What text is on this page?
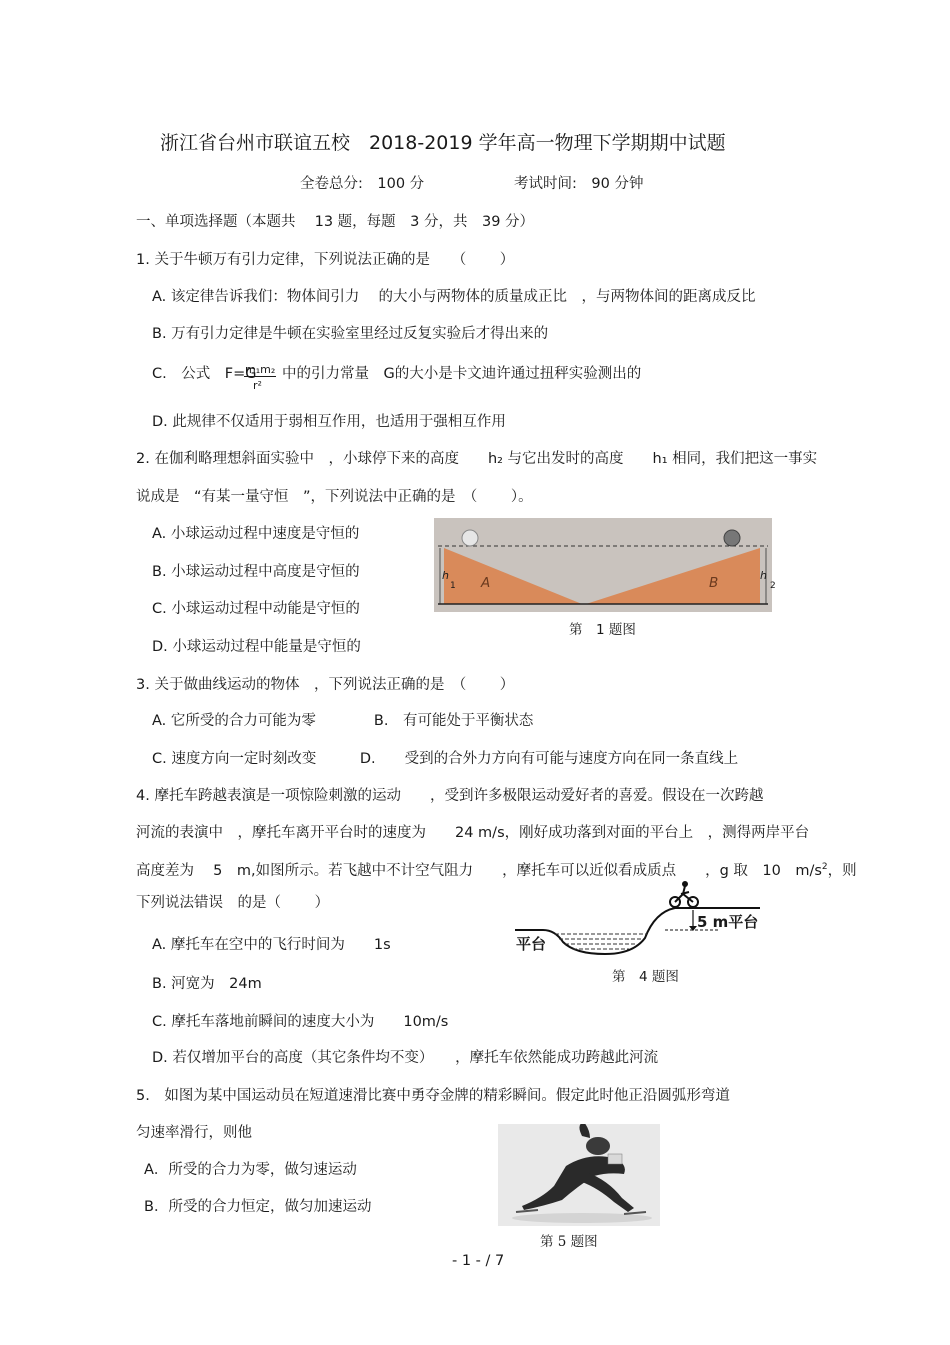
浙江省台州市联谊五校　2018-2019 学年高一物理下学期期中试题
全卷总分:　100 分	考试时间:　90 分钟
一、单项选择题（本题共　 13 题，每题　3 分，共　39 分）
1. 关于牛顿万有引力定律，下列说法正确的是　　（　　 ）
A. 该定律告诉我们：物体间引力　 的大小与两物体的质量成正比　，与两物体间的距离成反比
B. 万有引力定律是牛顿在实验室里经过反复实验后才得出来的
C.　公式　F=G
m₁m₂
r²
中的引力常量　G的大小是卡文迪许通过扭秤实验测出的
D. 此规律不仅适用于弱相互作用，也适用于强相互作用
2. 在伽利略理想斜面实验中　，小球停下来的高度　　h₂ 与它出发时的高度　　h₁ 相同，我们把这一事实
说成是　“有某一量守恒　”，下列说法中正确的是　（　　 ）。
A. 小球运动过程中速度是守恒的
B. 小球运动过程中高度是守恒的
C. 小球运动过程中动能是守恒的
D. 小球运动过程中能量是守恒的
A	B
h	h
1	2
第　1 题图
3. 关于做曲线运动的物体　，下列说法正确的是　（　　 ）
A. 它所受的合力可能为零　　　　B.　有可能处于平衡状态
C. 速度方向一定时刻改变　　　D.　　受到的合外力方向有可能与速度方向在同一条直线上
4. 摩托车跨越表演是一项惊险刺激的运动　　，受到许多极限运动爱好者的喜爱。假设在一次跨越
河流的表演中　，摩托车离开平台时的速度为　　24 m/s，刚好成功落到对面的平台上　，测得两岸平台
高度差为　 5　m,如图所示。若飞越中不计空气阻力　　，摩托车可以近似看成质点　　，g 取　10　$m/s^2$，则
下列说法错误　的是（　　 ）
A. 摩托车在空中的飞行时间为　　1s
B. 河宽为　24m
C. 摩托车落地前瞬间的速度大小为　　10m/s
D. 若仅增加平台的高度（其它条件均不变）　　，摩托车依然能成功跨越此河流
平台
5 m平台
第　4 题图
5.　如图为某中国运动员在短道速滑比赛中勇夺金牌的精彩瞬间。假定此时他正沿圆弧形弯道
匀速率滑行，则他
A．所受的合力为零，做匀速运动
B．所受的合力恒定，做匀加速运动
第 5 题图
- 1 - / 7
